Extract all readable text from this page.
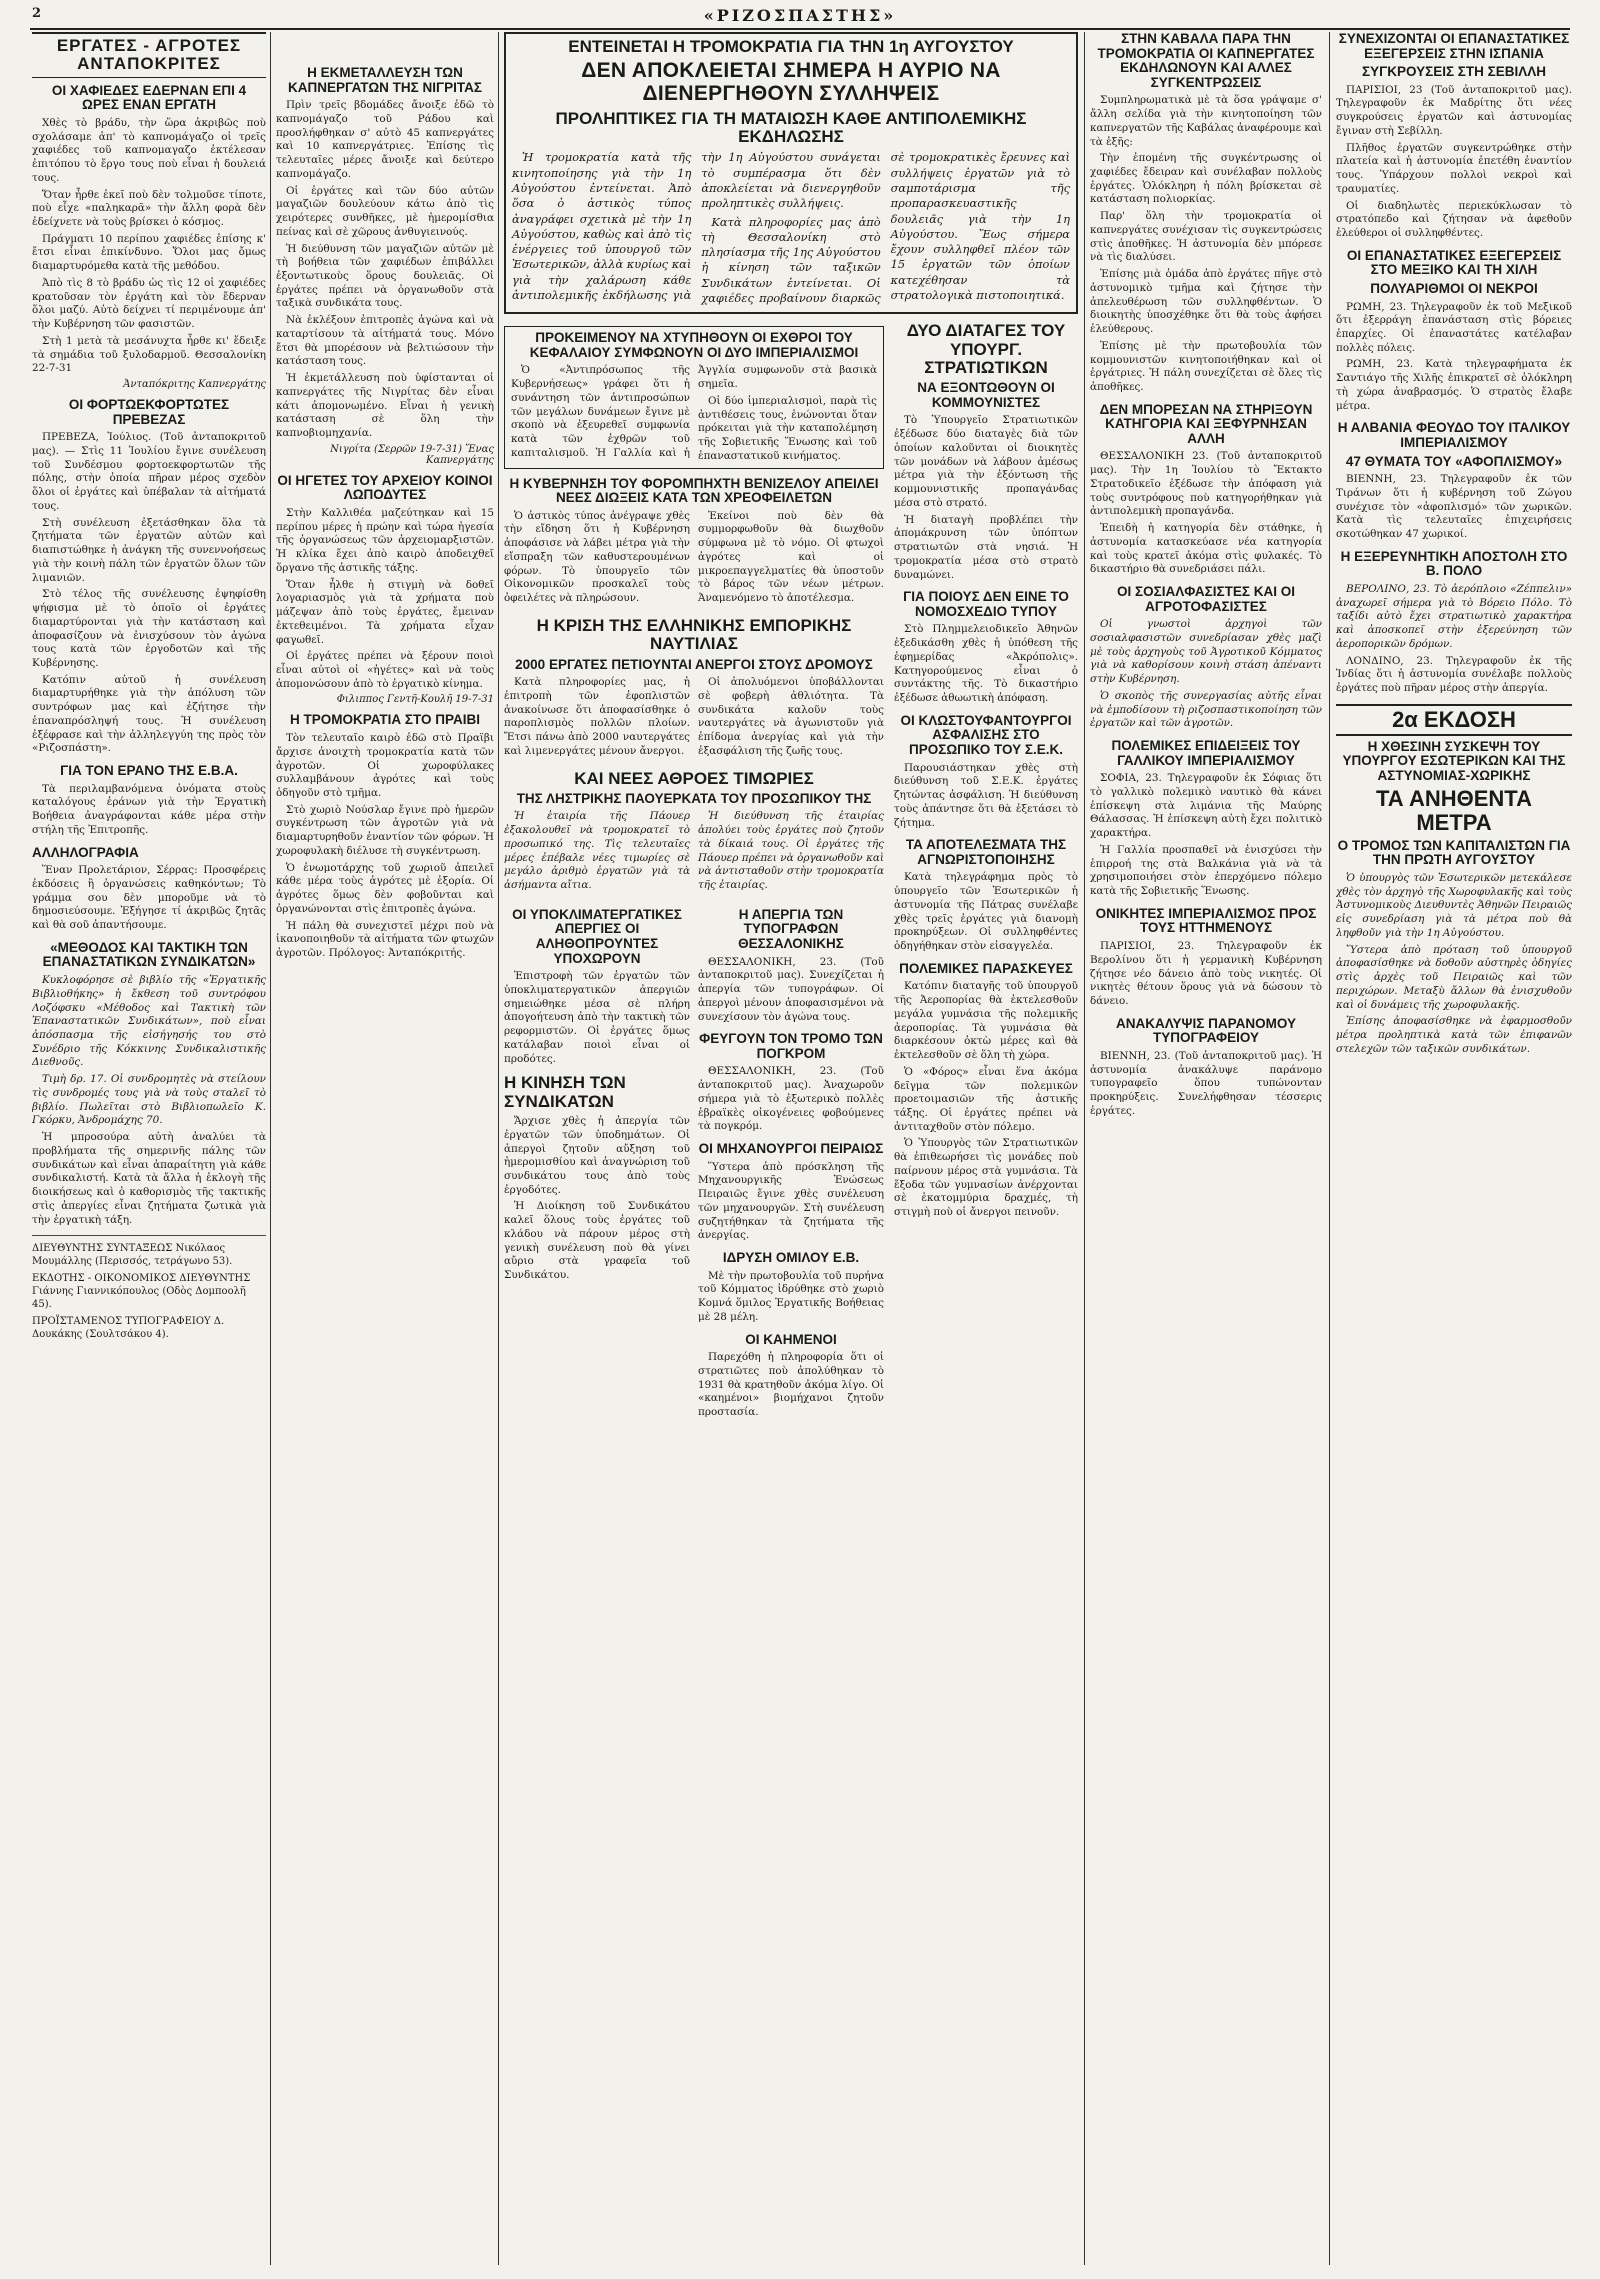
2	«ΡΙΖΟΣΠΑΣΤΗΣ»
ΕΡΓΑΤΕΣ - ΑΓΡΟΤΕΣ ΑΝΤΑΠΟΚΡΙΤΕΣ
ΟΙ ΧΑΦΙΕΔΕΣ ΕΔΕΡΝΑΝ ΕΠΙ 4 ΩΡΕΣ ΕΝΑΝ ΕΡΓΑΤΗ

Χθὲς τὸ βράδυ, τὴν ὥρα ἀκριβῶς ποὺ σχολάσαμε ἀπ' τὸ καπνομάγαζο οἱ τρεῖς χαφιέδες τοῦ καπνομαγαζο ἐκτέλεσαν ἐπιτόπου τὸ ἔργο τους ποὺ εἶναι ἡ δουλειά τους.

Ὅταν ἦρθε ἐκεῖ ποὺ δὲν τολμοῦσε τίποτε, ποὺ εἶχε «παληκαρᾶ» τὴν ἄλλη φορὰ δὲν ἐδείχνετε νὰ τοὺς βρίσκει ὁ κόσμος.

Πράγματι 10 περίπου χαφιέδες ἐπίσης κ' ἔτσι εἶναι ἐπικίνδυνο. Ὅλοι μας ὄμως διαμαρτυρόμεθα κατὰ τῆς μεθόδου.

Ἀπὸ τὶς 8 τὸ βράδυ ὡς τὶς 12 οἱ χαφιέδες κρατοῦσαν τὸν ἐργάτη καὶ τὸν ἔδερναν ὅλοι μαζύ. Αὐτὸ δείχνει τί περιμένουμε ἀπ' τὴν Κυβέρνηση τῶν φασιστῶν.

Στὴ 1 μετὰ τὰ μεσάνυχτα ἦρθε κι' ἔδειξε τὰ σημάδια τοῦ ξυλοδαρμοῦ. Θεσσαλονίκη 22-7-31

Ἀνταπόκριτης Καπνεργάτης
ΟΙ ΦΟΡΤΩΕΚΦΟΡΤΩΤΕΣ ΠΡΕΒΕΖΑΣ

ΠΡΕΒΕΖΑ, Ἰούλιος. (Τοῦ ἀνταποκριτοῦ μας). — Στὶς 11 Ἰουλίου ἔγινε συνέλευση τοῦ Συνδέσμου φορτοεκφορτωτῶν τῆς πόλης, στὴν ὁποία πῆραν μέρος σχεδὸν ὅλοι οἱ ἐργάτες καὶ ὑπέβαλαν τὰ αἰτήματά τους.

Στὴ συνέλευση ἐξετάσθηκαν ὅλα τὰ ζητήματα τῶν ἐργατῶν αὐτῶν καὶ διαπιστώθηκε ἡ ἀνάγκη τῆς συνεννοήσεως γιὰ τὴν κοινὴ πάλη τῶν ἐργατῶν ὅλων τῶν λιμανιῶν.

Στὸ τέλος τῆς συνέλευσης ἐψηφίσθη ψήφισμα μὲ τὸ ὁποῖο οἱ ἐργάτες διαμαρτύρονται γιὰ τὴν κατάσταση καὶ ἀποφασίζουν νὰ ἐνισχύσουν τὸν ἀγώνα τους κατὰ τῶν ἐργοδοτῶν καὶ τῆς Κυβέρνησης.

Κατόπιν αὐτοῦ ἡ συνέλευση διαμαρτυρήθηκε γιὰ τὴν ἀπόλυση τῶν συντρόφων μας καὶ ἐζήτησε τὴν ἐπαναπρόσληψή τους. Ἡ συνέλευση ἐξέφρασε καὶ τὴν ἀλληλεγγύη της πρὸς τὸν «Ριζοσπάστη».

ΓΙΑ ΤΟΝ ΕΡΑΝΟ ΤΗΣ Ε.Β.Α.

Τὰ περιλαμβανόμενα ὀνόματα στοὺς καταλόγους ἐράνων γιὰ τὴν Ἐργατικὴ Βοήθεια ἀναγράφονται κάθε μέρα στὴν στήλη τῆς Ἐπιτροπῆς.

ΑΛΛΗΛΟΓΡΑΦΙΑ

Ἕναν Προλετάριον, Σέρρας: Προσφέρεις ἐκδόσεις ἢ ὀργανώσεις καθηκόντων; Τὸ γράμμα σου δὲν μποροῦμε νὰ τὸ δημοσιεύσουμε. Ἐξήγησε τί ἀκριβῶς ζητᾶς καὶ θὰ σοῦ ἀπαντήσουμε.

«ΜΕΘΟΔΟΣ ΚΑΙ ΤΑΚΤΙΚΗ ΤΩΝ ΕΠΑΝΑΣΤΑΤΙΚΩΝ ΣΥΝΔΙΚΑΤΩΝ»

Κυκλοφόρησε σὲ βιβλίο τῆς «Ἐργατικῆς Βιβλιοθήκης» ἡ ἔκθεση τοῦ συντρόφου Λοζόφσκυ «Μέθοδος καὶ Τακτικὴ τῶν Ἐπαναστατικῶν Συνδικάτων», ποὺ εἶναι ἀπόσπασμα τῆς εἰσήγησής του στὸ Συνέδριο τῆς Κόκκινης Συνδικαλιστικῆς Διεθνοῦς.

Τιμὴ δρ. 17. Οἱ συνδρομητὲς νὰ στείλουν τὶς συνδρομές τους γιὰ νὰ τοὺς σταλεῖ τὸ βιβλίο. Πωλεῖται στὸ Βιβλιοπωλεῖο Κ. Γκόρκυ, Ἀνδρομάχης 70.

Ἡ μπροσούρα αὐτὴ ἀναλύει τὰ προβλήματα τῆς σημερινῆς πάλης τῶν συνδικάτων καὶ εἶναι ἀπαραίτητη γιὰ κάθε συνδικαλιστή. Κατὰ τὰ ἄλλα ἡ ἐκλογὴ τῆς διοικήσεως καὶ ὁ καθορισμὸς τῆς τακτικῆς στὶς ἀπεργίες εἶναι ζητήματα ζωτικὰ γιὰ τὴν ἐργατικὴ τάξη.

ΔΙΕΥΘΥΝΤΗΣ ΣΥΝΤΑΞΕΩΣ Νικόλαος Μουμάλλης (Περισσός, τετράγωνο 53).

ΕΚΔΟΤΗΣ - ΟΙΚΟΝΟΜΙΚΟΣ ΔΙΕΥΘΥΝΤΗΣ Γιάννης Γιαννικόπουλος (Οδὸς Δομποολῆ 45).

ΠΡΟΪΣΤΑΜΕΝΟΣ ΤΥΠΟΓΡΑΦΕΙΟΥ Δ. Δουκάκης (Σουλτσάκου 4).

Η ΕΚΜΕΤΑΛΛΕΥΣΗ ΤΩΝ ΚΑΠΝΕΡΓΑΤΩΝ ΤΗΣ ΝΙΓΡΙΤΑΣ

Πρὶν τρεῖς βδομάδες ἄνοιξε ἐδῶ τὸ καπνομάγαζο τοῦ Ράδου καὶ προσλήφθηκαν σ' αὐτὸ 45 καπνεργάτες καὶ 10 καπνεργάτριες. Ἐπίσης τὶς τελευταῖες μέρες ἄνοιξε καὶ δεύτερο καπνομάγαζο.

Οἱ ἐργάτες καὶ τῶν δύο αὐτῶν μαγαζιῶν δουλεύουν κάτω ἀπὸ τὶς χειρότερες συνθῆκες, μὲ ἡμερομίσθια πείνας καὶ σὲ χῶρους ἀνθυγιεινούς.

Ἡ διεύθυνση τῶν μαγαζιῶν αὐτῶν μὲ τὴ βοήθεια τῶν χαφιέδων ἐπιβάλλει ἐξοντωτικοὺς ὅρους δουλειᾶς. Οἱ ἐργάτες πρέπει νὰ ὀργανωθοῦν στὰ ταξικὰ συνδικάτα τους.

Νὰ ἐκλέξουν ἐπιτροπὲς ἀγώνα καὶ νὰ καταρτίσουν τὰ αἰτήματά τους. Μόνο ἔτσι θὰ μπορέσουν νὰ βελτιώσουν τὴν κατάσταση τους.

Ἡ ἐκμετάλλευση ποὺ ὑφίστανται οἱ καπνεργάτες τῆς Νιγρίτας δὲν εἶναι κάτι ἀπομονωμένο. Εἶναι ἡ γενικὴ κατάσταση σὲ ὅλη τὴν καπνοβιομηχανία.

Νιγρίτα (Σερρῶν 19-7-31) Ἕνας Καπνεργάτης
ΟΙ ΗΓΕΤΕΣ ΤΟΥ ΑΡΧΕΙΟΥ ΚΟΙΝΟΙ ΛΩΠΟΔΥΤΕΣ

Στὴν Καλλιθέα μαζεύτηκαν καὶ 15 περίπου μέρες ἡ πρώην καὶ τώρα ἡγεσία τῆς ὀργανώσεως τῶν ἀρχειομαρξιστῶν. Ἡ κλίκα ἔχει ἀπὸ καιρὸ ἀποδειχθεῖ ὅργανο τῆς ἀστικῆς τάξης.

Ὅταν ἦλθε ἡ στιγμὴ νὰ δοθεῖ λογαριασμὸς γιὰ τὰ χρήματα ποὺ μάζεψαν ἀπὸ τοὺς ἐργάτες, ἔμειναν ἐκτεθειμένοι. Τὰ χρήματα εἶχαν φαγωθεῖ.

Οἱ ἐργάτες πρέπει νὰ ξέρουν ποιοὶ εἶναι αὐτοὶ οἱ «ἡγέτες» καὶ νὰ τοὺς ἀπομονώσουν ἀπὸ τὸ ἐργατικὸ κίνημα.

Φιλιππος Γεντῆ-Κουλῆ 19-7-31
Η ΤΡΟΜΟΚΡΑΤΙΑ ΣΤΟ ΠΡΑΙΒΙ

Τὸν τελευταῖο καιρὸ ἐδῶ στὸ Πραϊβι ἄρχισε ἀνοιχτὴ τρομοκρατία κατὰ τῶν ἀγροτῶν. Οἱ χωροφύλακες συλλαμβάνουν ἀγρότες καὶ τοὺς ὁδηγοῦν στὸ τμῆμα.

Στὸ χωριὸ Νούσλαρ ἔγινε πρὸ ἡμερῶν συγκέντρωση τῶν ἀγροτῶν γιὰ νὰ διαμαρτυρηθοῦν ἐναντίον τῶν φόρων. Ἡ χωροφυλακὴ διέλυσε τὴ συγκέντρωση.

Ὁ ἐνωμοτάρχης τοῦ χωριοῦ ἀπειλεῖ κάθε μέρα τοὺς ἀγρότες μὲ ἐξορία. Οἱ ἀγρότες ὅμως δὲν φοβοῦνται καὶ ὀργανώνονται στὶς ἐπιτροπὲς ἀγώνα.

Ἡ πάλη θὰ συνεχιστεῖ μέχρι ποὺ νὰ ἱκανοποιηθοῦν τὰ αἰτήματα τῶν φτωχῶν ἀγροτῶν. Πρόλογος: Ἀνταπόκριτής.

ΕΝΤΕΙΝΕΤΑΙ Η ΤΡΟΜΟΚΡΑΤΙΑ ΓΙΑ ΤΗΝ 1η ΑΥΓΟΥΣΤΟΥ
ΔΕΝ ΑΠΟΚΛΕΙΕΤΑΙ ΣΗΜΕΡΑ Η ΑΥΡΙΟ ΝΑ ΔΙΕΝΕΡΓΗΘΟΥΝ ΣΥΛΛΗΨΕΙΣ
ΠΡΟΛΗΠΤΙΚΕΣ ΓΙΑ ΤΗ ΜΑΤΑΙΩΣΗ ΚΑΘΕ ΑΝΤΙΠΟΛΕΜΙΚΗΣ ΕΚΔΗΛΩΣΗΣ

Ἡ τρομοκρατία κατὰ τῆς κινητοποίησης γιὰ τὴν 1η Αὐγούστου ἐντείνεται. Ἀπὸ ὅσα ὁ ἀστικὸς τύπος ἀναγράφει σχετικὰ μὲ τὴν 1η Αὐγούστου, καθὼς καὶ ἀπὸ τὶς ἐνέργειες τοῦ ὑπουργοῦ τῶν Ἐσωτερικῶν, ἀλλὰ κυρίως καὶ γιὰ τὴν χαλάρωση κάθε ἀντιπολεμικῆς ἐκδήλωσης γιὰ τὴν 1η Αὐγούστου συνάγεται τὸ συμπέρασμα ὅτι δὲν ἀποκλείεται νὰ διενεργηθοῦν προληπτικὲς συλλήψεις.

Κατὰ πληροφορίες μας ἀπὸ τὴ Θεσσαλονίκη στὸ πλησίασμα τῆς 1ης Αὐγούστου ἡ κίνηση τῶν ταξικῶν Συνδικάτων ἐντείνεται. Οἱ χαφιέδες προβαίνουν διαρκῶς σὲ τρομοκρατικὲς ἔρευνες καὶ συλλήψεις ἐργατῶν γιὰ τὸ σαμποτάρισμα τῆς προπαρασκευαστικῆς δουλειᾶς γιὰ τὴν 1η Αὐγούστου. Ἕως σήμερα ἔχουν συλληφθεῖ πλέον τῶν 15 ἐργατῶν τῶν ὁποίων κατεχέθησαν τὰ στρατολογικὰ πιστοποιητικά.

ΠΡΟΚΕΙΜΕΝΟΥ ΝΑ ΧΤΥΠΗΘΟΥΝ ΟΙ ΕΧΘΡΟΙ ΤΟΥ ΚΕΦΑΛΑΙΟΥ ΣΥΜΦΩΝΟΥΝ ΟΙ ΔΥΟ ΙΜΠΕΡΙΑΛΙΣΜΟΙ

Ὁ «Ἀντιπρόσωπος τῆς Κυβερνήσεως» γράφει ὅτι ἡ συνάντηση τῶν ἀντιπροσώπων τῶν μεγάλων δυνάμεων ἔγινε μὲ σκοπὸ νὰ ἐξευρεθεῖ συμφωνία κατὰ τῶν ἐχθρῶν τοῦ καπιταλισμοῦ. Ἡ Γαλλία καὶ ἡ Ἀγγλία συμφωνοῦν στὰ βασικὰ σημεῖα.

Οἱ δύο ἰμπεριαλισμοὶ, παρὰ τὶς ἀντιθέσεις τους, ἑνώνονται ὅταν πρόκειται γιὰ τὴν καταπολέμηση τῆς Σοβιετικῆς Ἕνωσης καὶ τοῦ ἐπαναστατικοῦ κινήματος.

Η ΚΥΒΕΡΝΗΣΗ ΤΟΥ ΦΟΡΟΜΠΗΧΤΗ ΒΕΝΙΖΕΛΟΥ ΑΠΕΙΛΕΙ ΝΕΕΣ ΔΙΩΞΕΙΣ ΚΑΤΑ ΤΩΝ ΧΡΕΟΦΕΙΛΕΤΩΝ

Ὁ ἀστικὸς τύπος ἀνέγραψε χθὲς τὴν εἴδηση ὅτι ἡ Κυβέρνηση ἀποφάσισε νὰ λάβει μέτρα γιὰ τὴν εἴσπραξη τῶν καθυστερουμένων φόρων. Τὸ ὑπουργεῖο τῶν Οἰκονομικῶν προσκαλεῖ τοὺς ὀφειλέτες νὰ πληρώσουν.

Ἐκείνοι ποὺ δὲν θὰ συμμορφωθοῦν θὰ διωχθοῦν σύμφωνα μὲ τὸ νόμο. Οἱ φτωχοὶ ἀγρότες καὶ οἱ μικροεπαγγελματίες θὰ ὑποστοῦν τὸ βάρος τῶν νέων μέτρων. Ἀναμενόμενο τὸ ἀποτέλεσμα.

Η ΚΡΙΣΗ ΤΗΣ ΕΛΛΗΝΙΚΗΣ ΕΜΠΟΡΙΚΗΣ ΝΑΥΤΙΛΙΑΣ
2000 ΕΡΓΑΤΕΣ ΠΕΤΙΟΥΝΤΑΙ ΑΝΕΡΓΟΙ ΣΤΟΥΣ ΔΡΟΜΟΥΣ

Κατὰ πληροφορίες μας, ἡ ἐπιτροπὴ τῶν ἐφοπλιστῶν ἀνακοίνωσε ὅτι ἀποφασίσθηκε ὁ παροπλισμὸς πολλῶν πλοίων. Ἔτσι πάνω ἀπὸ 2000 ναυτεργάτες καὶ λιμενεργάτες μένουν ἄνεργοι.

Οἱ ἀπολυόμενοι ὑποβάλλονται σὲ φοβερὴ ἀθλιότητα. Τὰ συνδικάτα καλοῦν τοὺς ναυτεργάτες νὰ ἀγωνιστοῦν γιὰ ἐπίδομα ἀνεργίας καὶ γιὰ τὴν ἐξασφάλιση τῆς ζωῆς τους.

ΚΑΙ ΝΕΕΣ ΑΘΡΟΕΣ ΤΙΜΩΡΙΕΣ
ΤΗΣ ΛΗΣΤΡΙΚΗΣ ΠΑΟΥΕΡΚΑΤΑ ΤΟΥ ΠΡΟΣΩΠΙΚΟΥ ΤΗΣ

Ἡ ἐταιρία τῆς Πάουερ ἐξακολουθεῖ νὰ τρομοκρατεῖ τὸ προσωπικό της. Τὶς τελευταῖες μέρες ἐπέβαλε νέες τιμωρίες σὲ μεγάλο ἀριθμὸ ἐργατῶν γιὰ τὰ ἀσήμαντα αἴτια.

Ἡ διεύθυνση τῆς ἐταιρίας ἀπολύει τοὺς ἐργάτες ποὺ ζητοῦν τὰ δίκαιά τους. Οἱ ἐργάτες τῆς Πάουερ πρέπει νὰ ὀργανωθοῦν καὶ νὰ ἀντισταθοῦν στὴν τρομοκρατία τῆς ἐταιρίας.

ΟΙ ΥΠΟΚΛΙΜΑΤΕΡΓΑΤΙΚΕΣ ΑΠΕΡΓΙΕΣ ΟΙ ΑΛΗΘΟΠΡΟΥΝΤΕΣ ΥΠΟΧΩΡΟΥΝ

Ἐπιστροφὴ τῶν ἐργατῶν τῶν ὑποκλιματεργατικῶν ἀπεργιῶν σημειώθηκε μέσα σὲ πλήρη ἀπογοήτευση ἀπὸ τὴν τακτικὴ τῶν ρεφορμιστῶν. Οἱ ἐργάτες ὅμως κατάλαβαν ποιοὶ εἶναι οἱ προδότες.

Η ΚΙΝΗΣΗ ΤΩΝ ΣΥΝΔΙΚΑΤΩΝ

Ἄρχισε χθὲς ἡ ἀπεργία τῶν ἐργατῶν τῶν ὑποδημάτων. Οἱ ἀπεργοὶ ζητοῦν αὔξηση τοῦ ἡμερομισθίου καὶ ἀναγνώριση τοῦ συνδικάτου τους ἀπὸ τοὺς ἐργοδότες.

Ἡ Διοίκηση τοῦ Συνδικάτου καλεῖ ὅλους τοὺς ἐργάτες τοῦ κλάδου νὰ πάρουν μέρος στὴ γενικὴ συνέλευση ποὺ θὰ γίνει αὔριο στὰ γραφεῖα τοῦ Συνδικάτου.

Η ΑΠΕΡΓΙΑ ΤΩΝ ΤΥΠΟΓΡΑΦΩΝ ΘΕΣΣΑΛΟΝΙΚΗΣ

ΘΕΣΣΑΛΟΝΙΚΗ, 23. (Τοῦ ἀνταποκριτοῦ μας). Συνεχίζεται ἡ ἀπεργία τῶν τυπογράφων. Οἱ ἀπεργοὶ μένουν ἀποφασισμένοι νὰ συνεχίσουν τὸν ἀγώνα τους.

ΦΕΥΓΟΥΝ ΤΟΝ ΤΡΟΜΟ ΤΩΝ ΠΟΓΚΡΟΜ

ΘΕΣΣΑΛΟΝΙΚΗ, 23. (Τοῦ ἀνταποκριτοῦ μας). Ἀναχωροῦν σήμερα γιὰ τὸ ἐξωτερικὸ πολλὲς ἑβραϊκὲς οἰκογένειες φοβούμενες τὰ πογκρόμ.

ΟΙ ΜΗΧΑΝΟΥΡΓΟΙ ΠΕΙΡΑΙΩΣ

Ὕστερα ἀπὸ πρόσκληση τῆς Μηχανουργικῆς Ἑνώσεως Πειραιῶς ἔγινε χθὲς συνέλευση τῶν μηχανουργῶν. Στὴ συνέλευση συζητήθηκαν τὰ ζητήματα τῆς ἀνεργίας.

ΙΔΡΥΣΗ ΟΜΙΛΟΥ Ε.Β.

Μὲ τὴν πρωτοβουλία τοῦ πυρήνα τοῦ Κόμματος ἱδρύθηκε στὸ χωριὸ Κομνά ὅμιλος Ἐργατικῆς Βοήθειας μὲ 28 μέλη.

ΟΙ ΚΑΗΜΕΝΟΙ

Παρεχόθη ἡ πληροφορία ὅτι οἱ στρατιῶτες ποὺ ἀπολύθηκαν τὸ 1931 θὰ κρατηθοῦν ἀκόμα λίγο. Οἱ «καημένοι» βιομήχανοι ζητοῦν προστασία.

ΔΥΟ ΔΙΑΤΑΓΕΣ ΤΟΥ ΥΠΟΥΡΓ. ΣΤΡΑΤΙΩΤΙΚΩΝ
ΝΑ ΕΞΟΝΤΩΘΟΥΝ ΟΙ ΚΟΜΜΟΥΝΙΣΤΕΣ

Τὸ Ὑπουργεῖο Στρατιωτικῶν ἐξέδωσε δύο διαταγὲς διὰ τῶν ὁποίων καλοῦνται οἱ διοικητὲς τῶν μονάδων νὰ λάβουν ἀμέσως μέτρα γιὰ τὴν ἐξόντωση τῆς κομμουνιστικῆς προπαγάνδας μέσα στὸ στρατό.

Ἡ διαταγὴ προβλέπει τὴν ἀπομάκρυνση τῶν ὑπόπτων στρατιωτῶν στὰ νησιά. Ἡ τρομοκρατία μέσα στὸ στρατὸ δυναμώνει.

ΓΙΑ ΠΟΙΟΥΣ ΔΕΝ ΕΙΝΕ ΤΟ ΝΟΜΟΣΧΕΔΙΟ ΤΥΠΟΥ

Στὸ Πλημμελειοδικεῖο Ἀθηνῶν ἐξεδικάσθη χθὲς ἡ ὑπόθεση τῆς ἐφημερίδας «Ἀκρόπολις». Κατηγορούμενος εἶναι ὁ συντάκτης τῆς. Τὸ δικαστήριο ἐξέδωσε ἀθωωτικὴ ἀπόφαση.

ΟΙ ΚΛΩΣΤΟΥΦΑΝΤΟΥΡΓΟΙ ΑΣΦΑΛΙΣΗΣ ΣΤΟ ΠΡΟΣΩΠΙΚΟ ΤΟΥ Σ.Ε.Κ.

Παρουσιάστηκαν χθὲς στὴ διεύθυνση τοῦ Σ.Ε.Κ. ἐργάτες ζητώντας ἀσφάλιση. Ἡ διεύθυνση τοὺς ἀπάντησε ὅτι θὰ ἐξετάσει τὸ ζήτημα.

ΤΑ ΑΠΟΤΕΛΕΣΜΑΤΑ ΤΗΣ ΑΓΝΩΡΙΣΤΟΠΟΙΗΣΗΣ

Κατὰ τηλεγράφημα πρὸς τὸ ὑπουργεῖο τῶν Ἐσωτερικῶν ἡ ἀστυνομία τῆς Πάτρας συνέλαβε χθὲς τρεῖς ἐργάτες γιὰ διανομὴ προκηρύξεων. Οἱ συλληφθέντες ὁδηγήθηκαν στὸν εἰσαγγελέα.

ΠΟΛΕΜΙΚΕΣ ΠΑΡΑΣΚΕΥΕΣ

Κατόπιν διαταγῆς τοῦ ὑπουργοῦ τῆς Ἀεροπορίας θὰ ἐκτελεσθοῦν μεγάλα γυμνάσια τῆς πολεμικῆς ἀεροπορίας. Τὰ γυμνάσια θὰ διαρκέσουν ὀκτὼ μέρες καὶ θὰ ἐκτελεσθοῦν σὲ ὅλη τὴ χώρα.

Ὁ «Φόρος» εἶναι ἕνα ἀκόμα δεῖγμα τῶν πολεμικῶν προετοιμασιῶν τῆς ἀστικῆς τάξης. Οἱ ἐργάτες πρέπει νὰ ἀντιταχθοῦν στὸν πόλεμο.

Ὁ Ὑπουργὸς τῶν Στρατιωτικῶν θὰ ἐπιθεωρήσει τὶς μονάδες ποὺ παίρνουν μέρος στὰ γυμνάσια. Τὰ ἔξοδα τῶν γυμνασίων ἀνέρχονται σὲ ἑκατομμύρια δραχμές, τὴ στιγμὴ ποὺ οἱ ἄνεργοι πεινοῦν.

ΣΤΗΝ ΚΑΒΑΛΑ ΠΑΡΑ ΤΗΝ ΤΡΟΜΟΚΡΑΤΙΑ ΟΙ ΚΑΠΝΕΡΓΑΤΕΣ ΕΚΔΗΛΩΝΟΥΝ ΚΑΙ ΑΛΛΕΣ ΣΥΓΚΕΝΤΡΩΣΕΙΣ

Συμπληρωματικὰ μὲ τὰ ὅσα γράψαμε σ' ἄλλη σελίδα γιὰ τὴν κινητοποίηση τῶν καπνεργατῶν τῆς Καβάλας ἀναφέρουμε καὶ τὰ ἑξῆς:

Τὴν ἐπομένη τῆς συγκέντρωσης οἱ χαφιέδες ἔδειραν καὶ συνέλαβαν πολλοὺς ἐργάτες. Ὁλόκληρη ἡ πόλη βρίσκεται σὲ κατάσταση πολιορκίας.

Παρ' ὅλη τὴν τρομοκρατία οἱ καπνεργάτες συνέχισαν τὶς συγκεντρώσεις στὶς ἀποθῆκες. Ἡ ἀστυνομία δὲν μπόρεσε νὰ τὶς διαλύσει.

Ἐπίσης μιὰ ὁμάδα ἀπὸ ἐργάτες πῆγε στὸ ἀστυνομικὸ τμῆμα καὶ ζήτησε τὴν ἀπελευθέρωση τῶν συλληφθέντων. Ὁ διοικητὴς ὑποσχέθηκε ὅτι θὰ τοὺς ἀφήσει ἐλεύθερους.

Ἐπίσης μὲ τὴν πρωτοβουλία τῶν κομμουνιστῶν κινητοποιήθηκαν καὶ οἱ ἐργάτριες. Ἡ πάλη συνεχίζεται σὲ ὅλες τὶς ἀποθῆκες.

ΔΕΝ ΜΠΟΡΕΣΑΝ ΝΑ ΣΤΗΡΙΞΟΥΝ ΚΑΤΗΓΟΡΙΑ ΚΑΙ ΞΕΦΥΡΝΗΣΑΝ ΑΛΛΗ

ΘΕΣΣΑΛΟΝΙΚΗ 23. (Τοῦ ἀνταποκριτοῦ μας). Τὴν 1η Ἰουλίου τὸ Ἔκτακτο Στρατοδικεῖο ἐξέδωσε τὴν ἀπόφαση γιὰ τοὺς συντρόφους ποὺ κατηγορήθηκαν γιὰ ἀντιπολεμικὴ προπαγάνδα.

Ἐπειδὴ ἡ κατηγορία δὲν στάθηκε, ἡ ἀστυνομία κατασκεύασε νέα κατηγορία καὶ τοὺς κρατεῖ ἀκόμα στὶς φυλακές. Τὸ δικαστήριο θὰ συνεδριάσει πάλι.

ΟΙ ΣΟΣΙΑΛΦΑΣΙΣΤΕΣ ΚΑΙ ΟΙ ΑΓΡΟΤΟΦΑΣΙΣΤΕΣ

Οἱ γνωστοὶ ἀρχηγοὶ τῶν σοσιαλφασιστῶν συνεδρίασαν χθὲς μαζὶ μὲ τοὺς ἀρχηγοὺς τοῦ Ἀγροτικοῦ Κόμματος γιὰ νὰ καθορίσουν κοινὴ στάση ἀπέναντι στὴν Κυβέρνηση.

Ὁ σκοπὸς τῆς συνεργασίας αὐτῆς εἶναι νὰ ἐμποδίσουν τὴ ριζοσπαστικοποίηση τῶν ἐργατῶν καὶ τῶν ἀγροτῶν.

ΠΟΛΕΜΙΚΕΣ ΕΠΙΔΕΙΞΕΙΣ ΤΟΥ ΓΑΛΛΙΚΟΥ ΙΜΠΕΡΙΑΛΙΣΜΟΥ

ΣΟΦΙΑ, 23. Τηλεγραφοῦν ἐκ Σόφιας ὅτι τὸ γαλλικὸ πολεμικὸ ναυτικὸ θὰ κάνει ἐπίσκεψη στὰ λιμάνια τῆς Μαύρης Θάλασσας. Ἡ ἐπίσκεψη αὐτὴ ἔχει πολιτικὸ χαρακτήρα.

Ἡ Γαλλία προσπαθεῖ νὰ ἐνισχύσει τὴν ἐπιρροή της στὰ Βαλκάνια γιὰ νὰ τὰ χρησιμοποιήσει στὸν ἐπερχόμενο πόλεμο κατὰ τῆς Σοβιετικῆς Ἕνωσης.

ΟΝΙΚΗΤΕΣ ΙΜΠΕΡΙΑΛΙΣΜΟΣ ΠΡΟΣ ΤΟΥΣ ΗΤΤΗΜΕΝΟΥΣ

ΠΑΡΙΣΙΟΙ, 23. Τηλεγραφοῦν ἐκ Βερολίνου ὅτι ἡ γερμανικὴ Κυβέρνηση ζήτησε νέο δάνειο ἀπὸ τοὺς νικητές. Οἱ νικητὲς θέτουν ὅρους γιὰ νὰ δώσουν τὸ δάνειο.

ΑΝΑΚΑΛΥΨΙΣ ΠΑΡΑΝΟΜΟΥ ΤΥΠΟΓΡΑΦΕΙΟΥ

ΒΙΕΝΝΗ, 23. (Τοῦ ἀνταποκριτοῦ μας). Ἡ ἀστυνομία ἀνακάλυψε παράνομο τυπογραφεῖο ὅπου τυπώνονταν προκηρύξεις. Συνελήφθησαν τέσσερις ἐργάτες.

ΣΥΝΕΧΙΖΟΝΤΑΙ ΟΙ ΕΠΑΝΑΣΤΑΤΙΚΕΣ ΕΞΕΓΕΡΣΕΙΣ ΣΤΗΝ ΙΣΠΑΝΙΑ
ΣΥΓΚΡΟΥΣΕΙΣ ΣΤΗ ΣΕΒΙΛΛΗ

ΠΑΡΙΣΙΟΙ, 23 (Τοῦ ἀνταποκριτοῦ μας). Τηλεγραφοῦν ἐκ Μαδρίτης ὅτι νέες συγκρούσεις ἐργατῶν καὶ ἀστυνομίας ἔγιναν στὴ Σεβίλλη.

Πλῆθος ἐργατῶν συγκεντρώθηκε στὴν πλατεία καὶ ἡ ἀστυνομία ἐπετέθη ἐναντίον τους. Ὑπάρχουν πολλοὶ νεκροὶ καὶ τραυματίες.

Οἱ διαδηλωτὲς περιεκύκλωσαν τὸ στρατόπεδο καὶ ζήτησαν νὰ ἀφεθοῦν ἐλεύθεροι οἱ συλληφθέντες.

ΟΙ ΕΠΑΝΑΣΤΑΤΙΚΕΣ ΕΞΕΓΕΡΣΕΙΣ ΣΤΟ ΜΕΞΙΚΟ ΚΑΙ ΤΗ ΧΙΛΗ
ΠΟΛΥΑΡΙΘΜΟΙ ΟΙ ΝΕΚΡΟΙ

ΡΩΜΗ, 23. Τηλεγραφοῦν ἐκ τοῦ Μεξικοῦ ὅτι ἐξερράγη ἐπανάσταση στὶς βόρειες ἐπαρχίες. Οἱ ἐπαναστάτες κατέλαβαν πολλὲς πόλεις.

ΡΩΜΗ, 23. Κατὰ τηλεγραφήματα ἐκ Σαντιάγο τῆς Χιλῆς ἐπικρατεῖ σὲ ὁλόκληρη τὴ χώρα ἀναβρασμός. Ὁ στρατὸς ἔλαβε μέτρα.

Η ΑΛΒΑΝΙΑ ΦΕΟΥΔΟ ΤΟΥ ΙΤΑΛΙΚΟΥ ΙΜΠΕΡΙΑΛΙΣΜΟΥ
47 ΘΥΜΑΤΑ ΤΟΥ «ΑΦΟΠΛΙΣΜΟΥ»

ΒΙΕΝΝΗ, 23. Τηλεγραφοῦν ἐκ τῶν Τιράνων ὅτι ἡ κυβέρνηση τοῦ Ζώγου συνέχισε τὸν «ἀφοπλισμό» τῶν χωρικῶν. Κατὰ τὶς τελευταῖες ἐπιχειρήσεις σκοτώθηκαν 47 χωρικοί.

Η ΕΞΕΡΕΥΝΗΤΙΚΗ ΑΠΟΣΤΟΛΗ ΣΤΟ Β. ΠΟΛΟ

ΒΕΡΟΛΙΝΟ, 23. Τὸ ἀερόπλοιο «Ζέππελιν» ἀναχωρεῖ σήμερα γιὰ τὸ Βόρειο Πόλο. Τὸ ταξίδι αὐτὸ ἔχει στρατιωτικὸ χαρακτήρα καὶ ἀποσκοπεῖ στὴν ἐξερεύνηση τῶν ἀεροπορικῶν δρόμων.

ΛΟΝΔΙΝΟ, 23. Τηλεγραφοῦν ἐκ τῆς Ἰνδίας ὅτι ἡ ἀστυνομία συνέλαβε πολλοὺς ἐργάτες ποὺ πῆραν μέρος στὴν ἀπεργία.

2α ΕΚΔΟΣΗ
Η ΧΘΕΣΙΝΗ ΣΥΣΚΕΨΗ ΤΟΥ ΥΠΟΥΡΓΟΥ ΕΣΩΤΕΡΙΚΩΝ ΚΑΙ ΤΗΣ ΑΣΤΥΝΟΜΙΑΣ-ΧΩΡΙΚΗΣ
ΤΑ ΑΝΗΘΕΝΤΑ ΜΕΤΡΑ
Ο ΤΡΟΜΟΣ ΤΩΝ ΚΑΠΙΤΑΛΙΣΤΩΝ ΓΙΑ ΤΗΝ ΠΡΩΤΗ ΑΥΓΟΥΣΤΟΥ

Ὁ ὑπουργὸς τῶν Ἐσωτερικῶν μετεκάλεσε χθὲς τὸν ἀρχηγὸ τῆς Χωροφυλακῆς καὶ τοὺς Ἀστυνομικοὺς Διευθυντὲς Ἀθηνῶν Πειραιῶς εἰς συνεδρίαση γιὰ τὰ μέτρα ποὺ θὰ ληφθοῦν γιὰ τὴν 1η Αὐγούστου.

Ὕστερα ἀπὸ πρόταση τοῦ ὑπουργοῦ ἀποφασίσθηκε νὰ δοθοῦν αὐστηρὲς ὁδηγίες στὶς ἀρχὲς τοῦ Πειραιῶς καὶ τῶν περιχώρων. Μεταξὺ ἄλλων θὰ ἐνισχυθοῦν καὶ οἱ δυνάμεις τῆς χωροφυλακῆς.

Ἐπίσης ἀποφασίσθηκε νὰ ἐφαρμοσθοῦν μέτρα προληπτικὰ κατὰ τῶν ἐπιφανῶν στελεχῶν τῶν ταξικῶν συνδικάτων.
